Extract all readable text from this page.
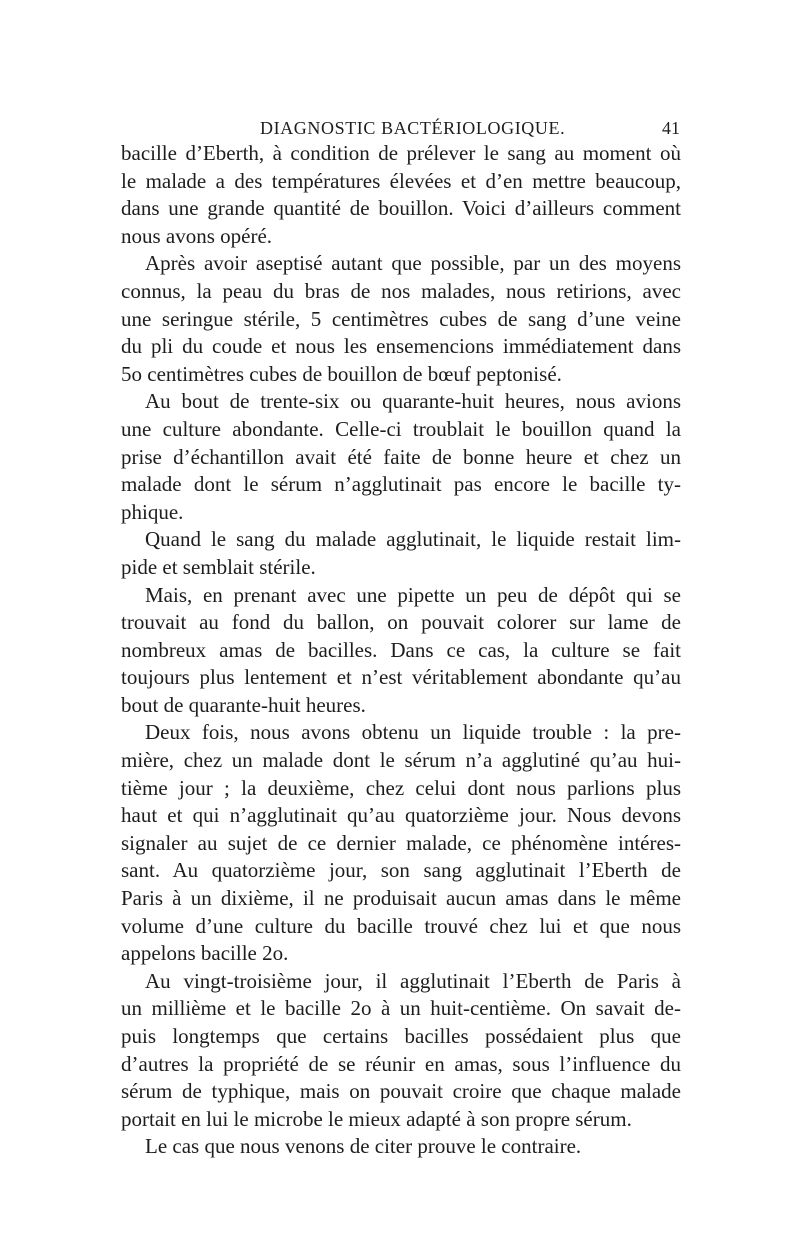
DIAGNOSTIC BACTÉRIOLOGIQUE.	41
bacille d’Eberth, à condition de prélever le sang au moment où
le malade a des températures élevées et d’en mettre beaucoup,
dans une grande quantité de bouillon. Voici d’ailleurs comment
nous avons opéré.
Après avoir aseptisé autant que possible, par un des moyens
connus, la peau du bras de nos malades, nous retirions, avec
une seringue stérile, 5 centimètres cubes de sang d’une veine
du pli du coude et nous les ensemencions immédiatement dans
5o centimètres cubes de bouillon de bœuf peptonisé.
Au bout de trente-six ou quarante-huit heures, nous avions
une culture abondante. Celle-ci troublait le bouillon quand la
prise d’échantillon avait été faite de bonne heure et chez un
malade dont le sérum n’agglutinait pas encore le bacille ty-
phique.
Quand le sang du malade agglutinait, le liquide restait lim-
pide et semblait stérile.
Mais, en prenant avec une pipette un peu de dépôt qui se
trouvait au fond du ballon, on pouvait colorer sur lame de
nombreux amas de bacilles. Dans ce cas, la culture se fait
toujours plus lentement et n’est véritablement abondante qu’au
bout de quarante-huit heures.
Deux fois, nous avons obtenu un liquide trouble : la pre-
mière, chez un malade dont le sérum n’a agglutiné qu’au hui-
tième jour ; la deuxième, chez celui dont nous parlions plus
haut et qui n’agglutinait qu’au quatorzième jour. Nous devons
signaler au sujet de ce dernier malade, ce phénomène intéres-
sant. Au quatorzième jour, son sang agglutinait l’Eberth de
Paris à un dixième, il ne produisait aucun amas dans le même
volume d’une culture du bacille trouvé chez lui et que nous
appelons bacille 2o.
Au vingt-troisième jour, il agglutinait l’Eberth de Paris à
un millième et le bacille 2o à un huit-centième. On savait de-
puis longtemps que certains bacilles possédaient plus que
d’autres la propriété de se réunir en amas, sous l’influence du
sérum de typhique, mais on pouvait croire que chaque malade
portait en lui le microbe le mieux adapté à son propre sérum.
Le cas que nous venons de citer prouve le contraire.
